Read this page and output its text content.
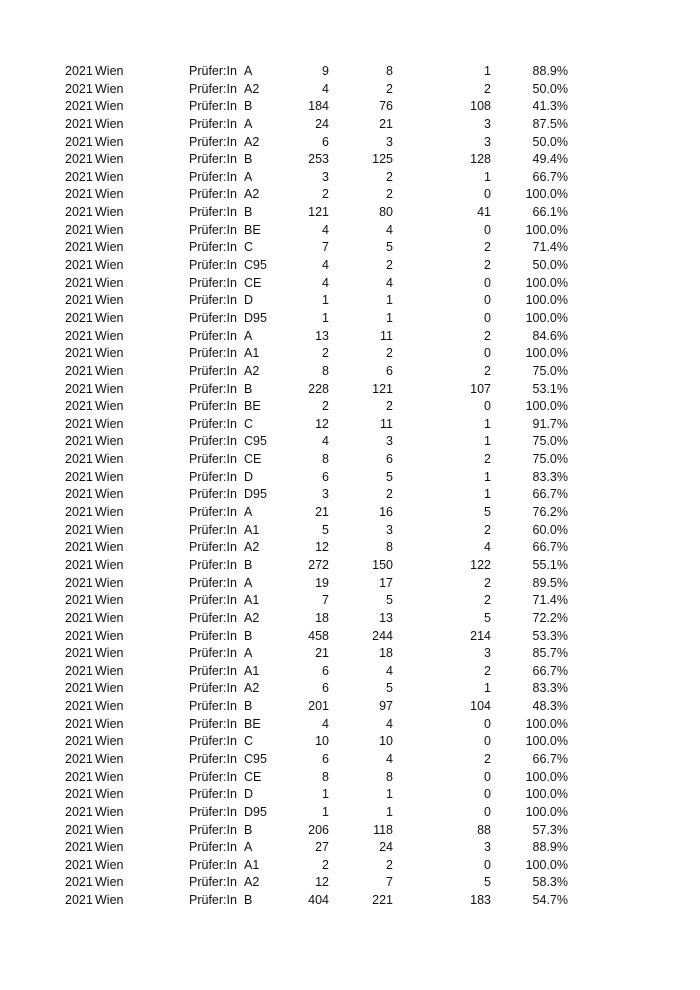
2021 Wien	Prüfer:In A	9	8	1	88.9%
2021 Wien	Prüfer:In A2	4	2	2	50.0%
2021 Wien	Prüfer:In B	184	76	108	41.3%
2021 Wien	Prüfer:In A	24	21	3	87.5%
2021 Wien	Prüfer:In A2	6	3	3	50.0%
2021 Wien	Prüfer:In B	253	125	128	49.4%
2021 Wien	Prüfer:In A	3	2	1	66.7%
2021 Wien	Prüfer:In A2	2	2	0	100.0%
2021 Wien	Prüfer:In B	121	80	41	66.1%
2021 Wien	Prüfer:In BE	4	4	0	100.0%
2021 Wien	Prüfer:In C	7	5	2	71.4%
2021 Wien	Prüfer:In C95	4	2	2	50.0%
2021 Wien	Prüfer:In CE	4	4	0	100.0%
2021 Wien	Prüfer:In D	1	1	0	100.0%
2021 Wien	Prüfer:In D95	1	1	0	100.0%
2021 Wien	Prüfer:In A	13	11	2	84.6%
2021 Wien	Prüfer:In A1	2	2	0	100.0%
2021 Wien	Prüfer:In A2	8	6	2	75.0%
2021 Wien	Prüfer:In B	228	121	107	53.1%
2021 Wien	Prüfer:In BE	2	2	0	100.0%
2021 Wien	Prüfer:In C	12	11	1	91.7%
2021 Wien	Prüfer:In C95	4	3	1	75.0%
2021 Wien	Prüfer:In CE	8	6	2	75.0%
2021 Wien	Prüfer:In D	6	5	1	83.3%
2021 Wien	Prüfer:In D95	3	2	1	66.7%
2021 Wien	Prüfer:In A	21	16	5	76.2%
2021 Wien	Prüfer:In A1	5	3	2	60.0%
2021 Wien	Prüfer:In A2	12	8	4	66.7%
2021 Wien	Prüfer:In B	272	150	122	55.1%
2021 Wien	Prüfer:In A	19	17	2	89.5%
2021 Wien	Prüfer:In A1	7	5	2	71.4%
2021 Wien	Prüfer:In A2	18	13	5	72.2%
2021 Wien	Prüfer:In B	458	244	214	53.3%
2021 Wien	Prüfer:In A	21	18	3	85.7%
2021 Wien	Prüfer:In A1	6	4	2	66.7%
2021 Wien	Prüfer:In A2	6	5	1	83.3%
2021 Wien	Prüfer:In B	201	97	104	48.3%
2021 Wien	Prüfer:In BE	4	4	0	100.0%
2021 Wien	Prüfer:In C	10	10	0	100.0%
2021 Wien	Prüfer:In C95	6	4	2	66.7%
2021 Wien	Prüfer:In CE	8	8	0	100.0%
2021 Wien	Prüfer:In D	1	1	0	100.0%
2021 Wien	Prüfer:In D95	1	1	0	100.0%
2021 Wien	Prüfer:In B	206	118	88	57.3%
2021 Wien	Prüfer:In A	27	24	3	88.9%
2021 Wien	Prüfer:In A1	2	2	0	100.0%
2021 Wien	Prüfer:In A2	12	7	5	58.3%
2021 Wien	Prüfer:In B	404	221	183	54.7%
